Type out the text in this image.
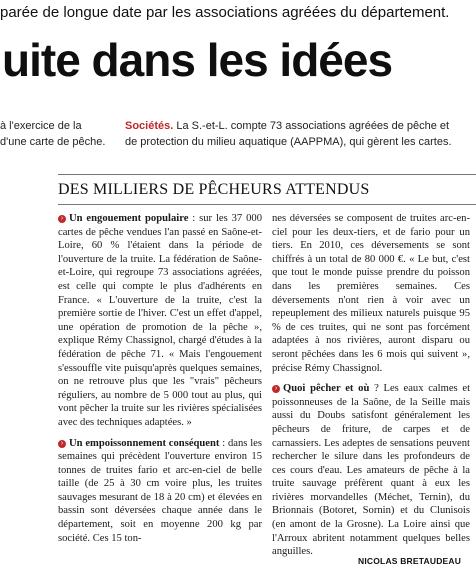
parée de longue date par les associations agréées du département.
uite dans les idées
à l'exercice de la
d'une carte de pêche.
Sociétés. La S.-et-L. compte 73 associations agréées de pêche et
de protection du milieu aquatique (AAPPMA), qui gèrent les cartes.
DES MILLIERS DE PÊCHEURS ATTENDUS

› Un engouement populaire : sur les 37 000 cartes de pêche vendues l'an passé en Saône-et-Loire, 60 % l'étaient dans la période de l'ouverture de la truite. La fédération de Saône-et-Loire, qui regroupe 73 associations agréées, est celle qui compte le plus d'adhérents en France. « L'ouverture de la truite, c'est la première sortie de l'hiver. C'est un effet d'appel, une opération de promotion de la pêche », explique Rémy Chassignol, chargé d'études à la fédération de pêche 71. « Mais l'engouement s'essouffle vite puisqu'après quelques semaines, on ne retrouve plus que les "vrais" pêcheurs réguliers, au nombre de 5 000 tout au plus, qui vont pêcher la truite sur les rivières spécialisées avec des techniques adaptées. »

› Un empoissonnement conséquent : dans les semaines qui précèdent l'ouverture environ 15 tonnes de truites fario et arc-en-ciel de belle taille (de 25 à 30 cm voire plus, les truites sauvages mesurant de 18 à 20 cm) et élevées en bassin sont déversées chaque année dans le département, soit en moyenne 200 kg par société. Ces 15 ton-

nes déversées se composent de truites arc-en-ciel pour les deux-tiers, et de fario pour un tiers. En 2010, ces déversements se sont chiffrés à un total de 80 000 €. « Le but, c'est que tout le monde puisse prendre du poisson dans les premières semaines. Ces déversements n'ont rien à voir avec un repeuplement des milieux naturels puisque 95 % de ces truites, qui ne sont pas forcément adaptées à nos rivières, auront disparu ou seront pêchées dans les 6 mois qui suivent », précise Rémy Chassignol.

› Quoi pêcher et où ? Les eaux calmes et poissonneuses de la Saône, de la Seille mais aussi du Doubs satisfont généralement les pêcheurs de friture, de carpes et de carnassiers. Les adeptes de sensations peuvent rechercher le silure dans les profondeurs de ces cours d'eau. Les amateurs de pêche à la truite sauvage préfèrent quant à eux les rivières morvandelles (Méchet, Ternin), du Brionnais (Botoret, Sornin) et du Clunisois (en amont de la Grosne). La Loire ainsi que l'Arroux abritent notamment quelques belles anguilles.

NICOLAS BRETAUDEAU
